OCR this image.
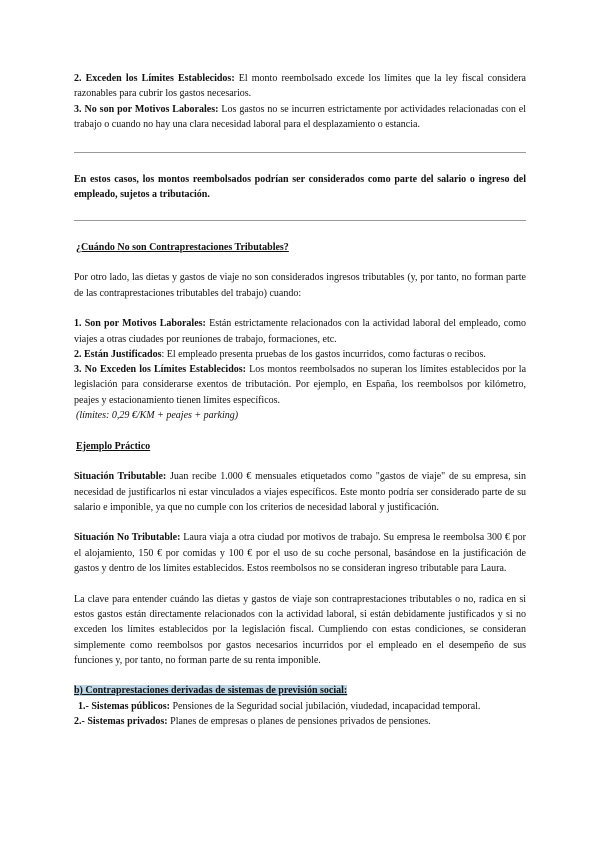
2. Exceden los Límites Establecidos: El monto reembolsado excede los límites que la ley fiscal considera razonables para cubrir los gastos necesarios.

3. No son por Motivos Laborales: Los gastos no se incurren estrictamente por actividades relacionadas con el trabajo o cuando no hay una clara necesidad laboral para el desplazamiento o estancia.

En estos casos, los montos reembolsados podrían ser considerados como parte del salario o ingreso del empleado, sujetos a tributación.

¿Cuándo No son Contraprestaciones Tributables?

Por otro lado, las dietas y gastos de viaje no son considerados ingresos tributables (y, por tanto, no forman parte de las contraprestaciones tributables del trabajo) cuando:

1. Son por Motivos Laborales: Están estrictamente relacionados con la actividad laboral del empleado, como viajes a otras ciudades por reuniones de trabajo, formaciones, etc.

2. Están Justificados: El empleado presenta pruebas de los gastos incurridos, como facturas o recibos.

3. No Exceden los Límites Establecidos: Los montos reembolsados no superan los límites establecidos por la legislación para considerarse exentos de tributación. Por ejemplo, en España, los reembolsos por kilómetro, peajes y estacionamiento tienen límites específicos.

(límites: 0,29 €/KM + peajes + parking)

Ejemplo Práctico

Situación Tributable: Juan recibe 1.000 € mensuales etiquetados como "gastos de viaje" de su empresa, sin necesidad de justificarlos ni estar vinculados a viajes específicos. Este monto podría ser considerado parte de su salario e imponible, ya que no cumple con los criterios de necesidad laboral y justificación.

Situación No Tributable: Laura viaja a otra ciudad por motivos de trabajo. Su empresa le reembolsa 300 € por el alojamiento, 150 € por comidas y 100 € por el uso de su coche personal, basándose en la justificación de gastos y dentro de los límites establecidos. Estos reembolsos no se consideran ingreso tributable para Laura.

La clave para entender cuándo las dietas y gastos de viaje son contraprestaciones tributables o no, radica en si estos gastos están directamente relacionados con la actividad laboral, si están debidamente justificados y si no exceden los límites establecidos por la legislación fiscal. Cumpliendo con estas condiciones, se consideran simplemente como reembolsos por gastos necesarios incurridos por el empleado en el desempeño de sus funciones y, por tanto, no forman parte de su renta imponible.

b) Contraprestaciones derivadas de sistemas de previsión social:

1.- Sistemas públicos: Pensiones de la Seguridad social jubilación, viudedad, incapacidad temporal.

2.- Sistemas privados: Planes de empresas o planes de pensiones privados de pensiones.
